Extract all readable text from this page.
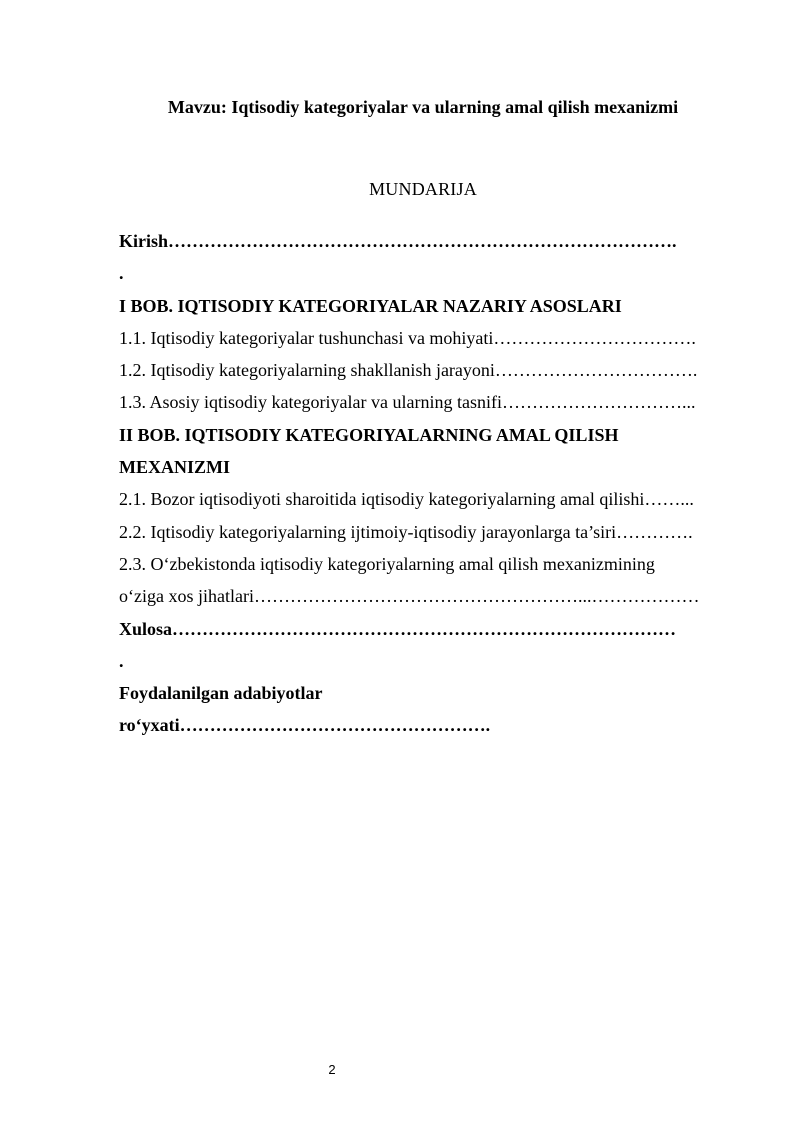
Mavzu: Iqtisodiy kategoriyalar va ularning amal qilish mexanizmi
MUNDARIJA
Kirish………………………………………………………………………….
.
I BOB. IQTISODIY KATEGORIYALAR NAZARIY ASOSLARI
1.1. Iqtisodiy kategoriyalar tushunchasi va mohiyati…………………………….
1.2. Iqtisodiy kategoriyalarning shakllanish jarayoni…………………………….
1.3. Asosiy iqtisodiy kategoriyalar va ularning tasnifi…………………………...
II BOB. IQTISODIY KATEGORIYALARNING AMAL QILISH
MEXANIZMI
2.1. Bozor iqtisodiyoti sharoitida iqtisodiy kategoriyalarning amal qilishi……...
2.2. Iqtisodiy kategoriyalarning ijtimoiy-iqtisodiy jarayonlarga ta’siri………….
2.3. O‘zbekistonda iqtisodiy kategoriyalarning amal qilish mexanizmining
o‘ziga xos jihatlari………………………………………………...………………
Xulosa…………………………………………………………………………
.
Foydalanilgan adabiyotlar
ro‘yxati…………………………………………….
2
